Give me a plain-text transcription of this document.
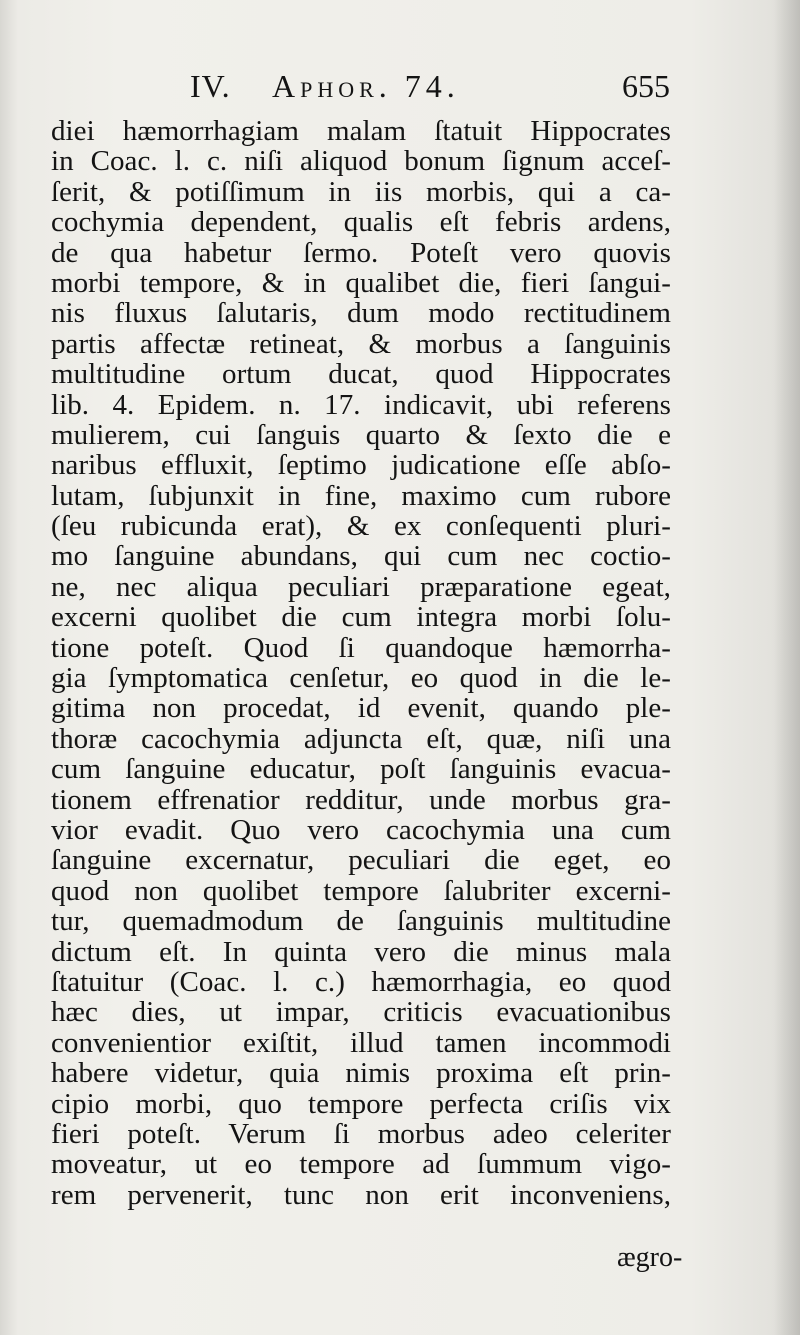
IV. Aphor. 74.	655
diei hæmorrhagiam malam ſtatuit Hippocrates
in Coac. l. c. niſi aliquod bonum ſignum acceſ-
ſerit, & potiſſimum in iis morbis, qui a ca-
cochymia dependent, qualis eſt febris ardens,
de qua habetur ſermo. Poteſt vero quovis
morbi tempore, & in qualibet die, fieri ſangui-
nis fluxus ſalutaris, dum modo rectitudinem
partis affectæ retineat, & morbus a ſanguinis
multitudine ortum ducat, quod Hippocrates
lib. 4. Epidem. n. 17. indicavit, ubi referens
mulierem, cui ſanguis quarto & ſexto die e
naribus effluxit, ſeptimo judicatione eſſe abſo-
lutam, ſubjunxit in fine, maximo cum rubore
(ſeu rubicunda erat), & ex conſequenti pluri-
mo ſanguine abundans, qui cum nec coctio-
ne, nec aliqua peculiari præparatione egeat,
excerni quolibet die cum integra morbi ſolu-
tione poteſt. Quod ſi quandoque hæmorrha-
gia ſymptomatica cenſetur, eo quod in die le-
gitima non procedat, id evenit, quando ple-
thoræ cacochymia adjuncta eſt, quæ, niſi una
cum ſanguine educatur, poſt ſanguinis evacua-
tionem effrenatior redditur, unde morbus gra-
vior evadit. Quo vero cacochymia una cum
ſanguine excernatur, peculiari die eget, eo
quod non quolibet tempore ſalubriter excerni-
tur, quemadmodum de ſanguinis multitudine
dictum eſt. In quinta vero die minus mala
ſtatuitur (Coac. l. c.) hæmorrhagia, eo quod
hæc dies, ut impar, criticis evacuationibus
convenientior exiſtit, illud tamen incommodi
habere videtur, quia nimis proxima eſt prin-
cipio morbi, quo tempore perfecta criſis vix
fieri poteſt. Verum ſi morbus adeo celeriter
moveatur, ut eo tempore ad ſummum vigo-
rem pervenerit, tunc non erit inconveniens,
ægro-
